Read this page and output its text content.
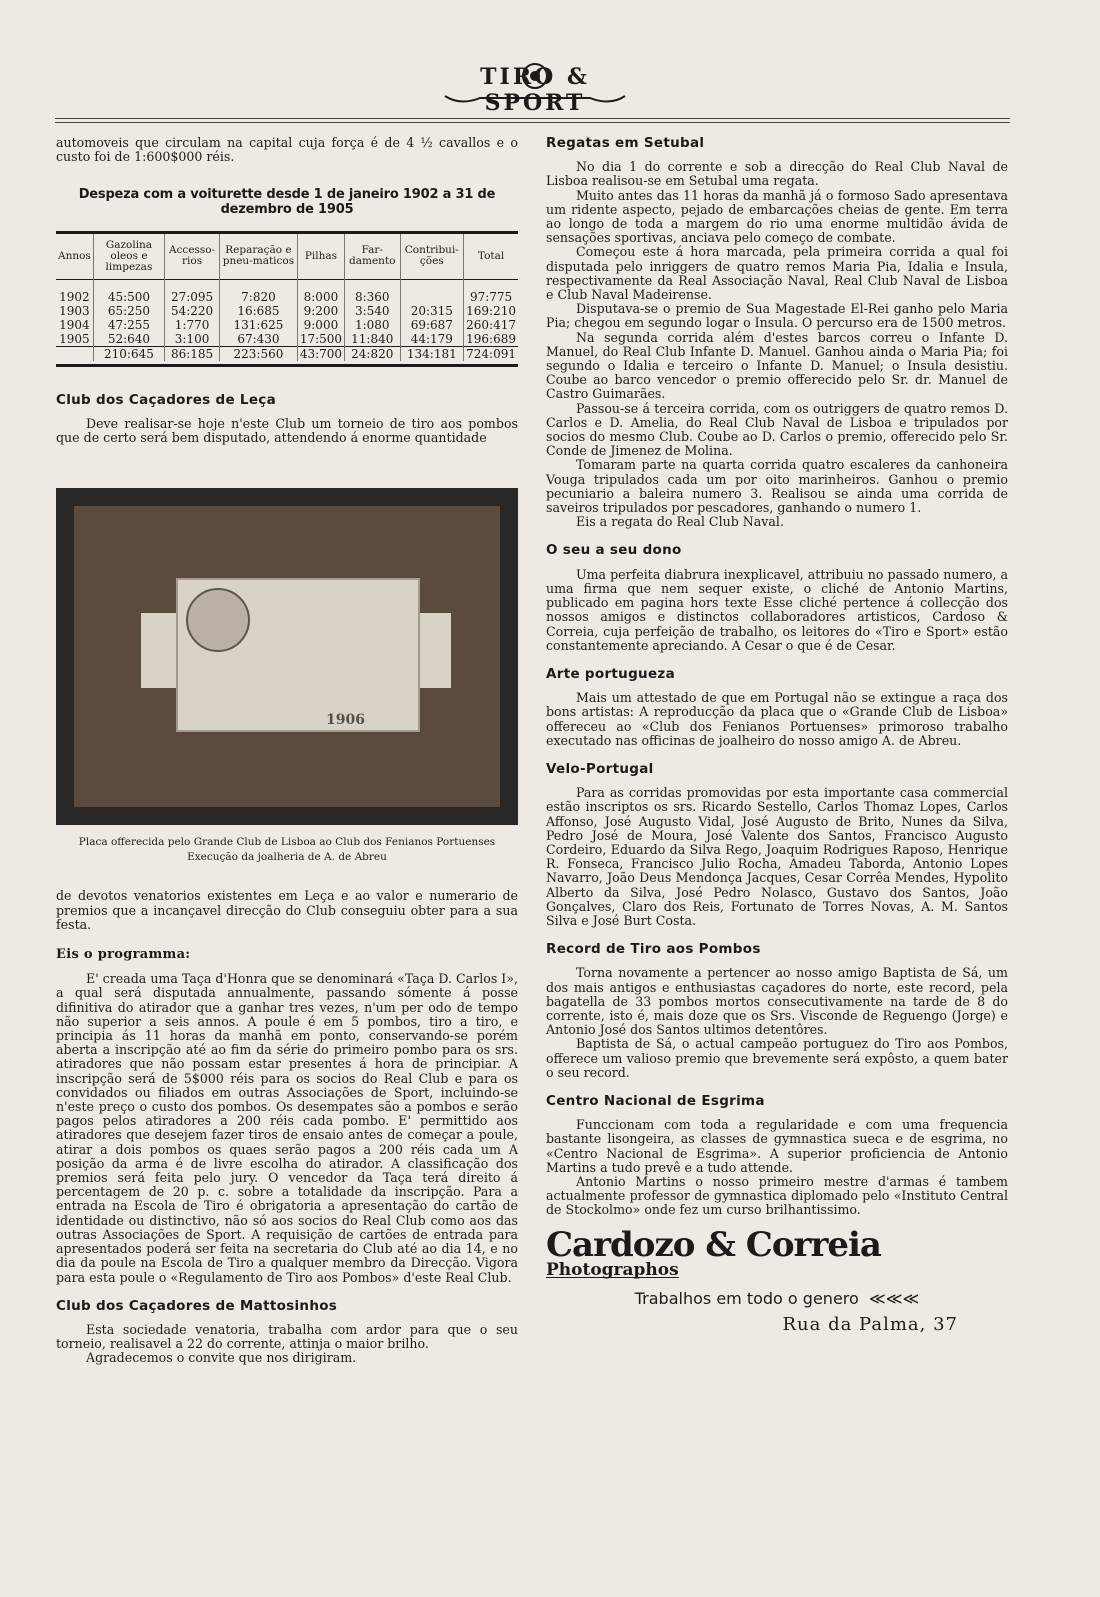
TIRO & SPORT

automoveis que circulam na capital cuja força é de 4 ½ cavallos e o custo foi de 1:600$000 réis.

Despeza com a voiturette desde 1 de janeiro 1902 a 31 de dezembro de 1905
Annos	Gazolina oleos e limpezas	Accesso-rios	Reparação e pneu-maticos	Pilhas	Far-damento	Contribui-ções	Total

1902	45:500	27:095	7:820	8:000	8:360		97:775
1903	65:250	54:220	16:685	9:200	3:540	20:315	169:210
1904	47:255	1:770	131:625	9:000	1:080	69:687	260:417
1905	52:640	3:100	67:430	17:500	11:840	44:179	196:689
	210:645	86:185	223:560	43:700	24:820	134:181	724:091
Club dos Caçadores de Leça

Deve realisar-se hoje n'este Club um torneio de tiro aos pombos que de certo será bem disputado, attendendo á enorme quantidade

1906
Placa offerecida pelo Grande Club de Lisboa ao Club dos Fenianos Portuenses
Execução da joalheria de A. de Abreu

de devotos venatorios existentes em Leça e ao valor e numerario de premios que a incançavel direcção do Club conseguiu obter para a sua festa.

Eis o programma:

E' creada uma Taça d'Honra que se denominará «Taça D. Carlos I», a qual será disputada annualmente, passando sómente á posse difinitiva do atirador que a ganhar tres vezes, n'um per odo de tempo não superior a seis annos. A poule é em 5 pombos, tiro a tiro, e principia ás 11 horas da manhã em ponto, conservando-se porém aberta a inscripção até ao fim da série do primeiro pombo para os srs. atiradores que não possam estar presentes á hora de principiar. A inscripção será de 5$000 réis para os socios do Real Club e para os convidados ou filiados em outras Associações de Sport, incluindo-se n'este preço o custo dos pombos. Os desempates são a pombos e serão pagos pelos atiradores a 200 réis cada pombo. E' permittido aos atiradores que desejem fazer tiros de ensaio antes de começar a poule, atirar a dois pombos os quaes serão pagos a 200 réis cada um A posição da arma é de livre escolha do atirador. A classificação dos premios será feita pelo jury. O vencedor da Taça terá direito á percentagem de 20 p. c. sobre a totalidade da inscripção. Para a entrada na Escola de Tiro é obrigatoria a apresentação do cartão de identidade ou distinctivo, não só aos socios do Real Club como aos das outras Associações de Sport. A requisição de cartões de entrada para apresentados poderá ser feita na secretaria do Club até ao dia 14, e no dia da poule na Escola de Tiro a qualquer membro da Direcção. Vigora para esta poule o «Regulamento de Tiro aos Pombos» d'este Real Club.

Club dos Caçadores de Mattosinhos

Esta sociedade venatoria, trabalha com ardor para que o seu torneio, realisavel a 22 do corrente, attinja o maior brilho.

Agradecemos o convite que nos dirigiram.

Regatas em Setubal

No dia 1 do corrente e sob a direcção do Real Club Naval de Lisboa realisou-se em Setubal uma regata.

Muito antes das 11 horas da manhã já o formoso Sado apresentava um ridente aspecto, pejado de embarcações cheias de gente. Em terra ao longo de toda a margem do rio uma enorme multidão ávida de sensações sportivas, anciava pelo começo de combate.

Começou este á hora marcada, pela primeira corrida a qual foi disputada pelo inriggers de quatro remos Maria Pia, Idalia e Insula, respectivamente da Real Associação Naval, Real Club Naval de Lisboa e Club Naval Madeirense.

Disputava-se o premio de Sua Magestade El-Rei ganho pelo Maria Pia; chegou em segundo logar o Insula. O percurso era de 1500 metros.

Na segunda corrida além d'estes barcos correu o Infante D. Manuel, do Real Club Infante D. Manuel. Ganhou ainda o Maria Pia; foi segundo o Idalia e terceiro o Infante D. Manuel; o Insula desistiu. Coube ao barco vencedor o premio offerecido pelo Sr. dr. Manuel de Castro Guimarães.

Passou-se á terceira corrida, com os outriggers de quatro remos D. Carlos e D. Amelia, do Real Club Naval de Lisboa e tripulados por socios do mesmo Club. Coube ao D. Carlos o premio, offerecido pelo Sr. Conde de Jimenez de Molina.

Tomaram parte na quarta corrida quatro escaleres da canhoneira Vouga tripulados cada um por oito marinheiros. Ganhou o premio pecuniario a baleira numero 3. Realisou se ainda uma corrida de saveiros tripulados por pescadores, ganhando o numero 1.

Eis a regata do Real Club Naval.

O seu a seu dono

Uma perfeita diabrura inexplicavel, attribuiu no passado numero, a uma firma que nem sequer existe, o cliché de Antonio Martins, publicado em pagina hors texte Esse cliché pertence á collecção dos nossos amigos e distinctos collaboradores artisticos, Cardoso & Correia, cuja perfeição de trabalho, os leitores do «Tiro e Sport» estão constantemente apreciando. A Cesar o que é de Cesar.

Arte portugueza

Mais um attestado de que em Portugal não se extingue a raça dos bons artistas: A reproducção da placa que o «Grande Club de Lisboa» offereceu ao «Club dos Fenianos Portuenses» primoroso trabalho executado nas officinas de joalheiro do nosso amigo A. de Abreu.

Velo-Portugal

Para as corridas promovidas por esta importante casa commercial estão inscriptos os srs. Ricardo Sestello, Carlos Thomaz Lopes, Carlos Affonso, José Augusto Vidal, José Augusto de Brito, Nunes da Silva, Pedro José de Moura, José Valente dos Santos, Francisco Augusto Cordeiro, Eduardo da Silva Rego, Joaquim Rodrigues Raposo, Henrique R. Fonseca, Francisco Julio Rocha, Amadeu Taborda, Antonio Lopes Navarro, João Deus Mendonça Jacques, Cesar Corrêa Mendes, Hypolito Alberto da Silva, José Pedro Nolasco, Gustavo dos Santos, João Gonçalves, Claro dos Reis, Fortunato de Torres Novas, A. M. Santos Silva e José Burt Costa.

Record de Tiro aos Pombos

Torna novamente a pertencer ao nosso amigo Baptista de Sá, um dos mais antigos e enthusiastas caçadores do norte, este record, pela bagatella de 33 pombos mortos consecutivamente na tarde de 8 do corrente, isto é, mais doze que os Srs. Visconde de Reguengo (Jorge) e Antonio José dos Santos ultimos detentôres.

Baptista de Sá, o actual campeão portuguez do Tiro aos Pombos, offerece um valioso premio que brevemente será expôsto, a quem bater o seu record.

Centro Nacional de Esgrima

Funccionam com toda a regularidade e com uma frequencia bastante lisongeira, as classes de gymnastica sueca e de esgrima, no «Centro Nacional de Esgrima». A superior proficiencia de Antonio Martins a tudo prevê e a tudo attende.

Antonio Martins o nosso primeiro mestre d'armas é tambem actualmente professor de gymnastica diplomado pelo «Instituto Central de Stockolmo» onde fez um curso brilhantissimo.

Cardozo & CorreiaPhotographos
Trabalhos em todo o genero  ≪≪≪
Rua da Palma, 37
